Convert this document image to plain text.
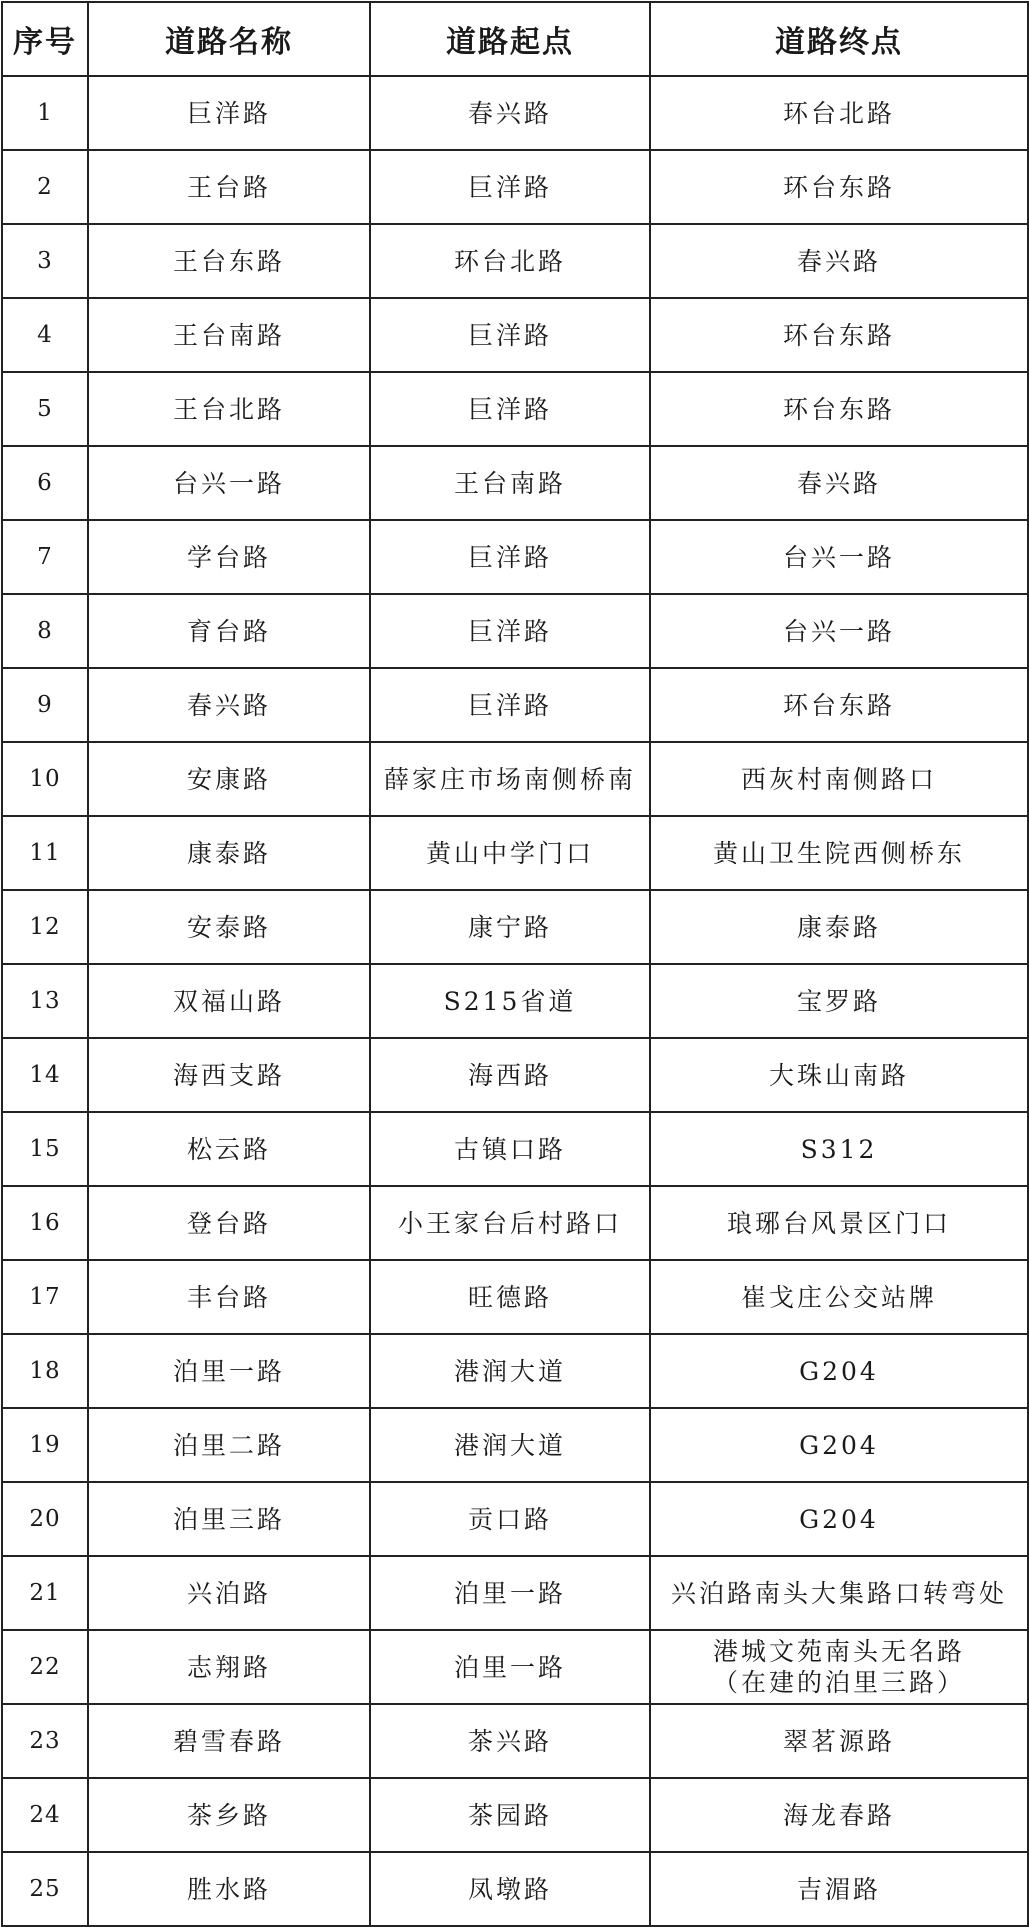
序号	道路名称	道路起点	道路终点
1	巨洋路	春兴路	环台北路
2	王台路	巨洋路	环台东路
3	王台东路	环台北路	春兴路
4	王台南路	巨洋路	环台东路
5	王台北路	巨洋路	环台东路
6	台兴一路	王台南路	春兴路
7	学台路	巨洋路	台兴一路
8	育台路	巨洋路	台兴一路
9	春兴路	巨洋路	环台东路
10	安康路	薛家庄市场南侧桥南	西灰村南侧路口
11	康泰路	黄山中学门口	黄山卫生院西侧桥东
12	安泰路	康宁路	康泰路
13	双福山路	S215省道	宝罗路
14	海西支路	海西路	大珠山南路
15	松云路	古镇口路	S312
16	登台路	小王家台后村路口	琅琊台风景区门口
17	丰台路	旺德路	崔戈庄公交站牌
18	泊里一路	港润大道	G204
19	泊里二路	港润大道	G204
20	泊里三路	贡口路	G204
21	兴泊路	泊里一路	兴泊路南头大集路口转弯处
22	志翔路	泊里一路	港城文苑南头无名路
（在建的泊里三路）

23	碧雪春路	茶兴路	翠茗源路
24	茶乡路	茶园路	海龙春路
25	胜水路	凤墩路	吉湄路
